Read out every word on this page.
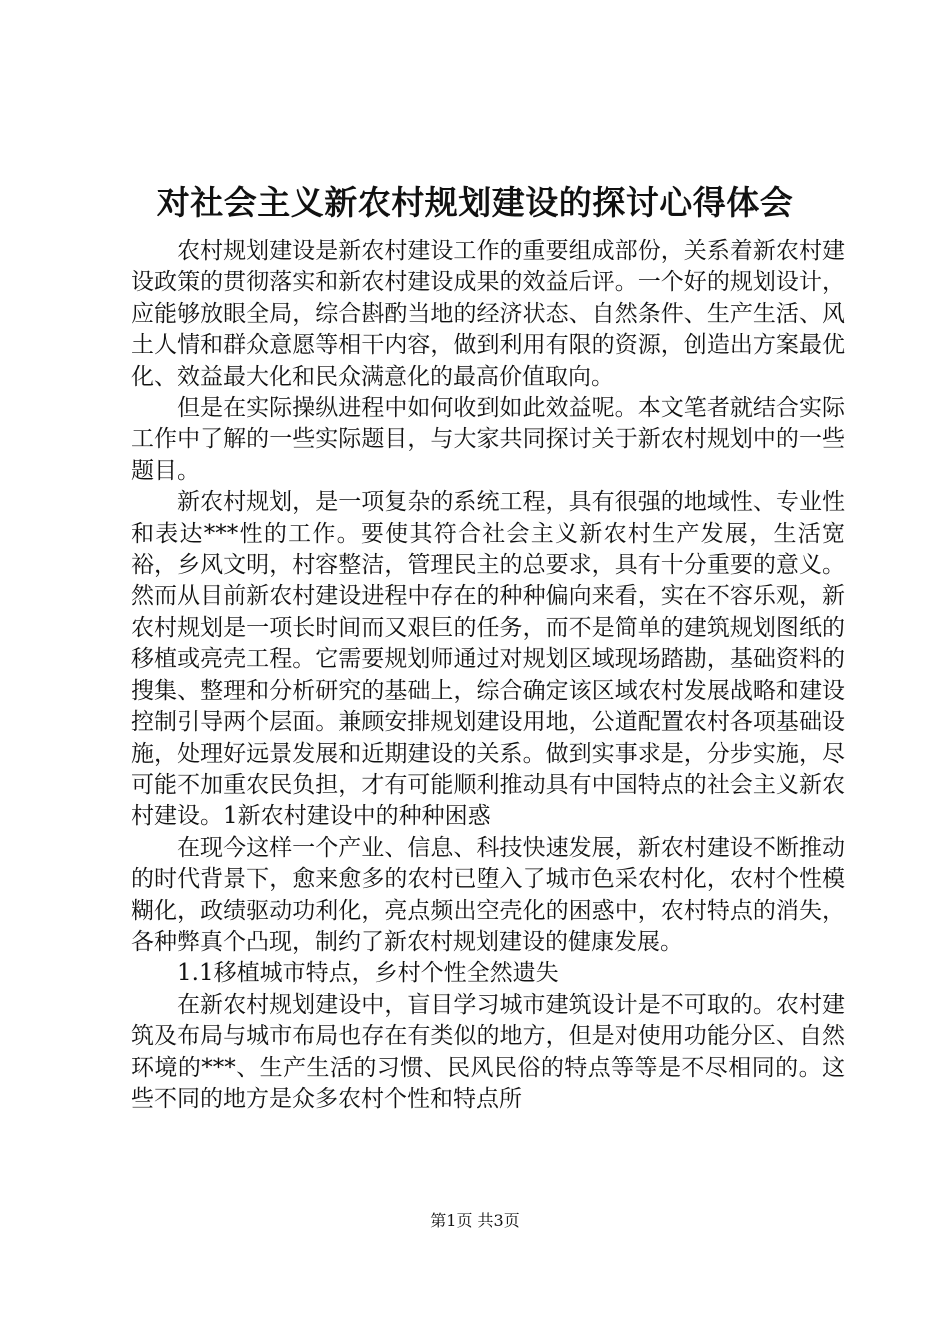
对社会主义新农村规划建设的探讨心得体会

农村规划建设是新农村建设工作的重要组成部份，关系着新农村建设政策的贯彻落实和新农村建设成果的效益后评。一个好的规划设计，应能够放眼全局，综合斟酌当地的经济状态、自然条件、生产生活、风土人情和群众意愿等相干内容，做到利用有限的资源，创造出方案最优化、效益最大化和民众满意化的最高价值取向。

但是在实际操纵进程中如何收到如此效益呢。本文笔者就结合实际工作中了解的一些实际题目，与大家共同探讨关于新农村规划中的一些题目。

新农村规划，是一项复杂的系统工程，具有很强的地域性、专业性和表达***性的工作。要使其符合社会主义新农村生产发展，生活宽裕，乡风文明，村容整洁，管理民主的总要求，具有十分重要的意义。然而从目前新农村建设进程中存在的种种偏向来看，实在不容乐观，新农村规划是一项长时间而又艰巨的任务，而不是简单的建筑规划图纸的移植或亮壳工程。它需要规划师通过对规划区域现场踏勘，基础资料的搜集、整理和分析研究的基础上，综合确定该区域农村发展战略和建设控制引导两个层面。兼顾安排规划建设用地，公道配置农村各项基础设施，处理好远景发展和近期建设的关系。做到实事求是，分步实施，尽可能不加重农民负担，才有可能顺利推动具有中国特点的社会主义新农村建设。1新农村建设中的种种困惑

在现今这样一个产业、信息、科技快速发展，新农村建设不断推动的时代背景下，愈来愈多的农村已堕入了城市色采农村化，农村个性模糊化，政绩驱动功利化，亮点频出空壳化的困惑中，农村特点的消失，各种弊真个凸现，制约了新农村规划建设的健康发展。

1.1移植城市特点，乡村个性全然遗失

在新农村规划建设中，盲目学习城市建筑设计是不可取的。农村建筑及布局与城市布局也存在有类似的地方，但是对使用功能分区、自然环境的***、生产生活的习惯、民风民俗的特点等等是不尽相同的。这些不同的地方是众多农村个性和特点所

第1页 共3页
